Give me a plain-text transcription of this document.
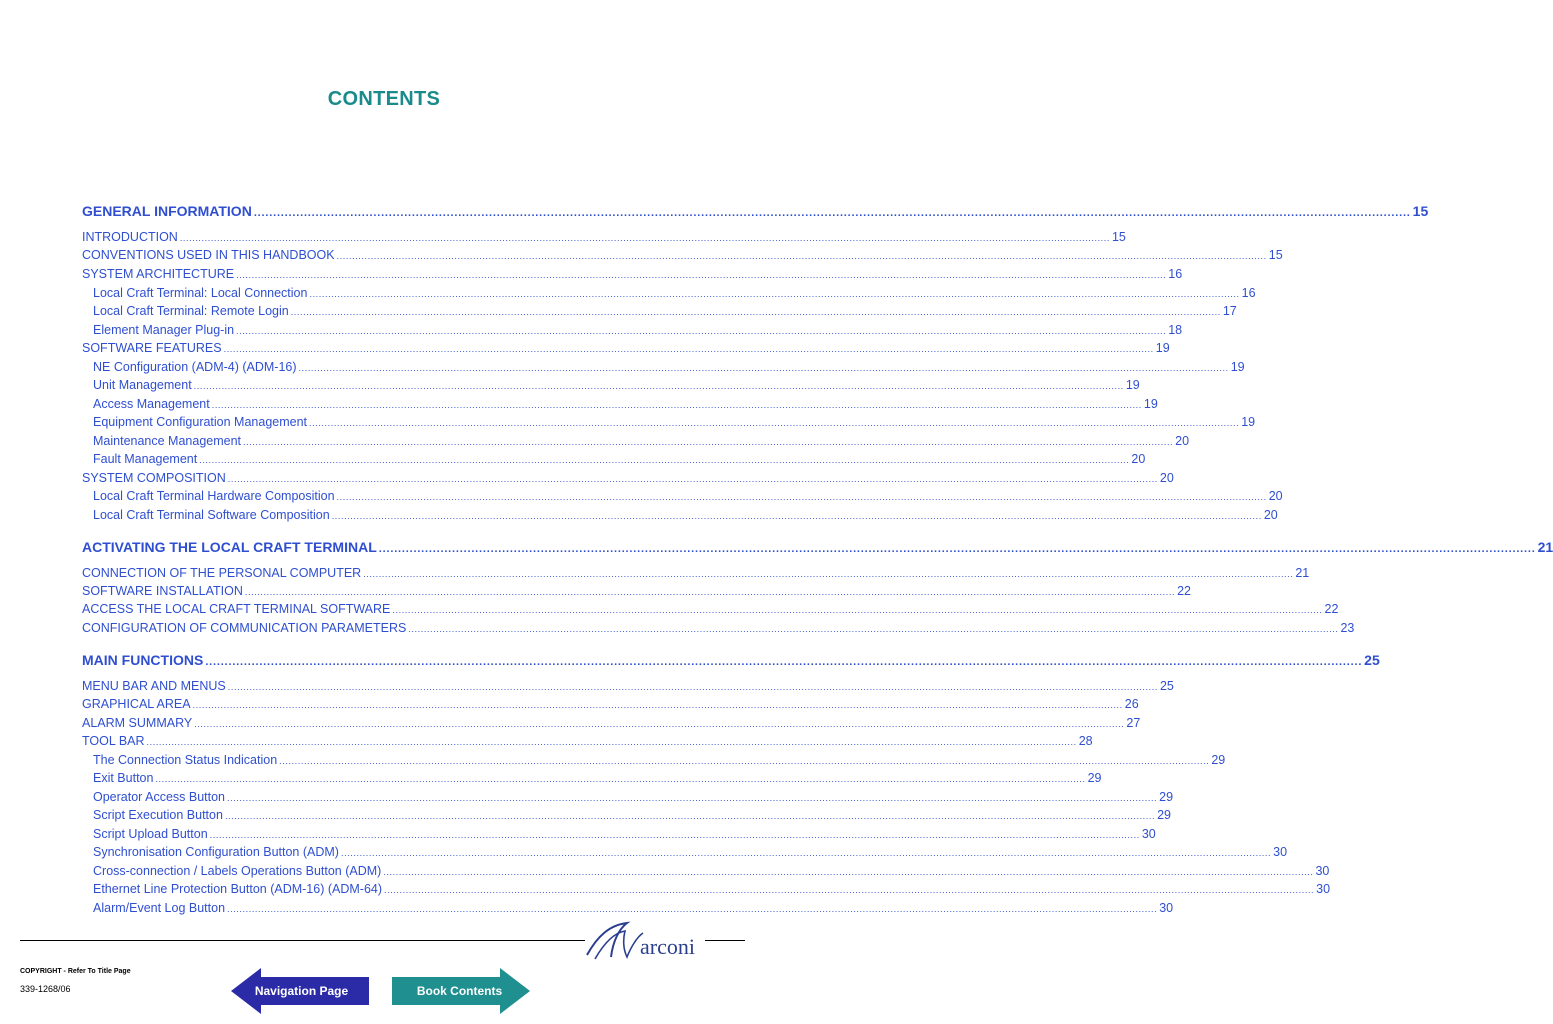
CONTENTS
GENERAL INFORMATION ............................................................................................................................................................................................................................................................................................................ 15
INTRODUCTION ............................................................................................................................................................................................................................................................................................................ 15
CONVENTIONS USED IN THIS HANDBOOK ............................................................................................................................................................................................................................................................................................................ 15
SYSTEM ARCHITECTURE ............................................................................................................................................................................................................................................................................................................ 16
Local Craft Terminal: Local Connection ............................................................................................................................................................................................................................................................................................................ 16
Local Craft Terminal: Remote Login ............................................................................................................................................................................................................................................................................................................ 17
Element Manager Plug-in ............................................................................................................................................................................................................................................................................................................ 18
SOFTWARE FEATURES ............................................................................................................................................................................................................................................................................................................ 19
NE Configuration (ADM-4) (ADM-16) ............................................................................................................................................................................................................................................................................................................ 19
Unit Management ............................................................................................................................................................................................................................................................................................................ 19
Access Management ............................................................................................................................................................................................................................................................................................................ 19
Equipment Configuration Management ............................................................................................................................................................................................................................................................................................................ 19
Maintenance Management ............................................................................................................................................................................................................................................................................................................ 20
Fault Management ............................................................................................................................................................................................................................................................................................................ 20
SYSTEM COMPOSITION ............................................................................................................................................................................................................................................................................................................ 20
Local Craft Terminal Hardware Composition ............................................................................................................................................................................................................................................................................................................ 20
Local Craft Terminal Software Composition ............................................................................................................................................................................................................................................................................................................ 20
ACTIVATING THE LOCAL CRAFT TERMINAL ............................................................................................................................................................................................................................................................................................................ 21
CONNECTION OF THE PERSONAL COMPUTER ............................................................................................................................................................................................................................................................................................................ 21
SOFTWARE INSTALLATION ............................................................................................................................................................................................................................................................................................................ 22
ACCESS THE LOCAL CRAFT TERMINAL SOFTWARE ............................................................................................................................................................................................................................................................................................................ 22
CONFIGURATION OF COMMUNICATION PARAMETERS ............................................................................................................................................................................................................................................................................................................ 23
MAIN FUNCTIONS ............................................................................................................................................................................................................................................................................................................ 25
MENU BAR AND MENUS ............................................................................................................................................................................................................................................................................................................ 25
GRAPHICAL AREA ............................................................................................................................................................................................................................................................................................................ 26
ALARM SUMMARY ............................................................................................................................................................................................................................................................................................................ 27
TOOL BAR ............................................................................................................................................................................................................................................................................................................ 28
The Connection Status Indication ............................................................................................................................................................................................................................................................................................................ 29
Exit Button ............................................................................................................................................................................................................................................................................................................ 29
Operator Access Button ............................................................................................................................................................................................................................................................................................................ 29
Script Execution Button ............................................................................................................................................................................................................................................................................................................ 29
Script Upload Button ............................................................................................................................................................................................................................................................................................................ 30
Synchronisation Configuration Button (ADM) ............................................................................................................................................................................................................................................................................................................ 30
Cross-connection / Labels Operations Button (ADM) ............................................................................................................................................................................................................................................................................................................ 30
Ethernet Line Protection Button (ADM-16) (ADM-64) ............................................................................................................................................................................................................................................................................................................ 30
Alarm/Event Log Button ............................................................................................................................................................................................................................................................................................................ 30
arconi
COPYRIGHT - Refer To Title Page
339-1268/06	Navigation Page	Book Contents
